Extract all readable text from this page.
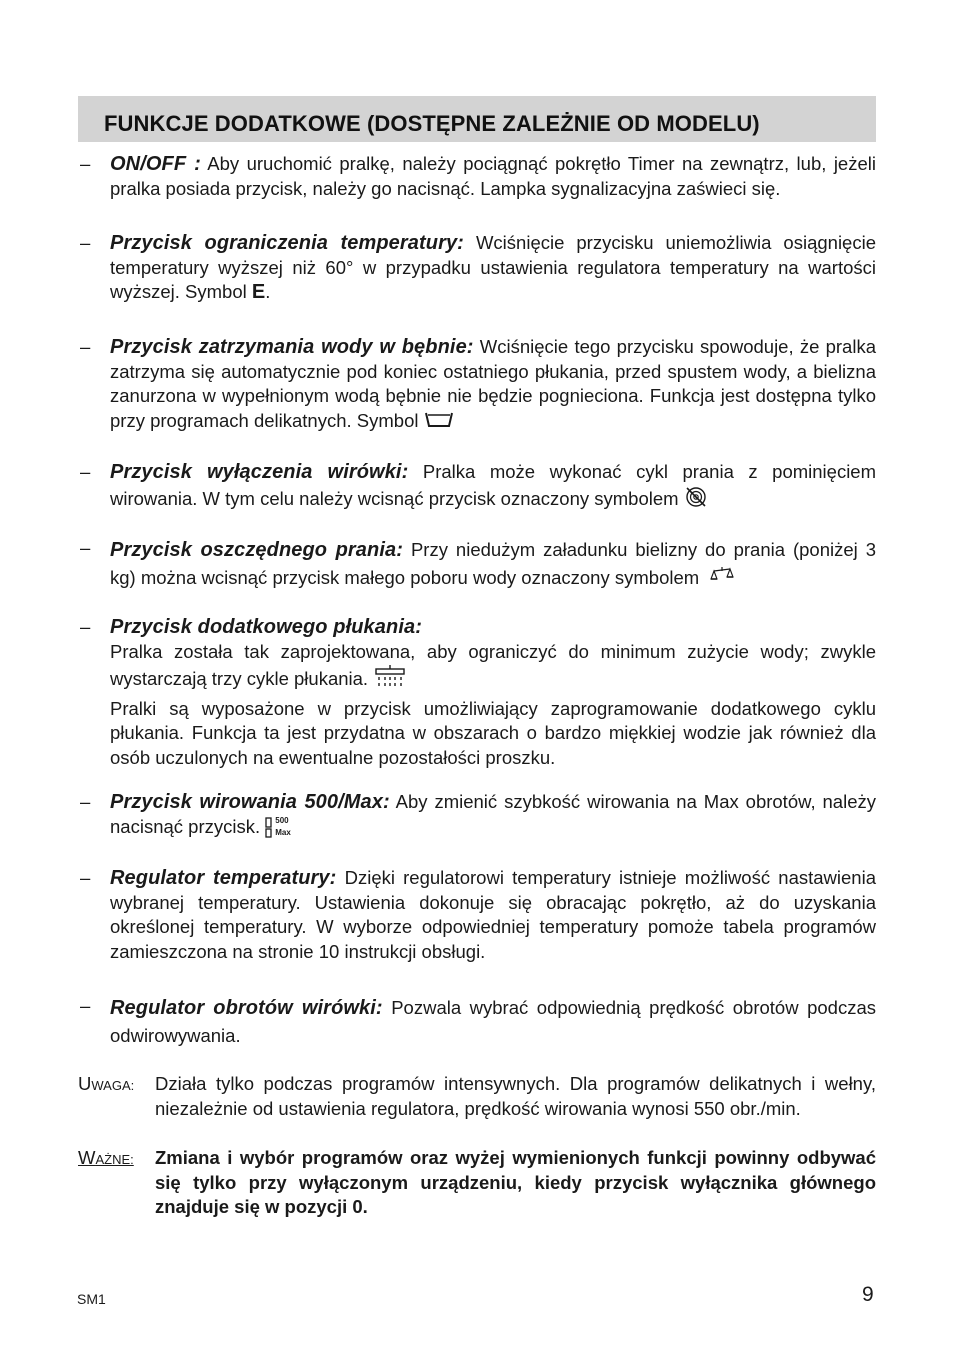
FUNKCJE DODATKOWE (DOSTĘPNE ZALEŻNIE OD MODELU)
– ON/OFF : Aby uruchomić pralkę, należy pociągnąć pokrętło Timer na zewnątrz, lub, jeżeli pralka posiada przycisk, należy go nacisnąć. Lampka sygnalizacyjna zaświeci się.
– Przycisk ograniczenia temperatury: Wciśnięcie przycisku uniemożliwia osiągnięcie temperatury wyższej niż 60° w przypadku ustawienia regulatora temperatury na wartości wyższej. Symbol E.
– Przycisk zatrzymania wody w bębnie: Wciśnięcie tego przycisku spowoduje, że pralka zatrzyma się automatycznie pod koniec ostatniego płukania, przed spustem wody, a bielizna zanurzona w wypełnionym wodą bębnie nie będzie pognieciona. Funkcja jest dostępna tylko przy programach delikatnych. Symbol
– Przycisk wyłączenia wirówki: Pralka może wykonać cykl prania z pominięciem wirowania. W tym celu należy wcisnąć przycisk oznaczony symbolem
– Przycisk oszczędnego prania: Przy niedużym załadunku bielizny do prania (poniżej 3 kg) można wcisnąć przycisk małego poboru wody oznaczony symbolem
– Przycisk dodatkowego płukania:
Pralka została tak zaprojektowana, aby ograniczyć do minimum zużycie wody; zwykle wystarczają trzy cykle płukania.
Pralki są wyposażone w przycisk umożliwiający zaprogramowanie dodatkowego cyklu płukania. Funkcja ta jest przydatna w obszarach o bardzo miękkiej wodzie jak również dla osób uczulonych na ewentualne pozostałości proszku.
– Przycisk wirowania 500/Max: Aby zmienić szybkość wirowania na Max obrotów, należy nacisnąć przycisk. 500
Max
– Regulator temperatury: Dzięki regulatorowi temperatury istnieje możliwość nastawienia wybranej temperatury. Ustawienia dokonuje się obracając pokrętło, aż do uzyskania określonej temperatury. W wyborze odpowiedniej temperatury pomoże tabela programów zamieszczona na stronie 10 instrukcji obsługi.
– Regulator obrotów wirówki: Pozwala wybrać odpowiednią prędkość obrotów podczas odwirowywania.
UWAGA:	Działa tylko podczas programów intensywnych. Dla programów delikatnych i wełny, niezależnie od ustawienia regulatora, prędkość wirowania wynosi 550 obr./min.
WAŻNE:	Zmiana i wybór programów oraz wyżej wymienionych funkcji powinny odbywać się tylko przy wyłączonym urządzeniu, kiedy przycisk wyłącznika głównego znajduje się w pozycji 0.
SM1	9
